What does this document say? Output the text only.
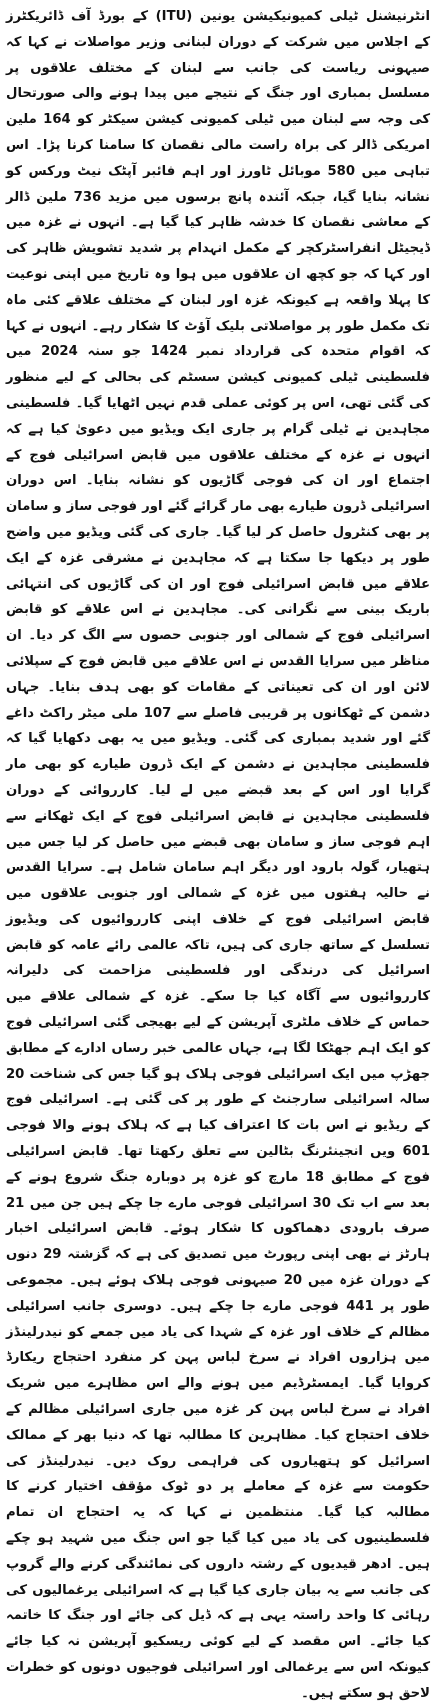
انٹرنیشنل ٹیلی کمیونیکیشن یونین (ITU) کے بورڈ آف ڈائریکٹرز کے اجلاس میں شرکت کے دوران لبنانی وزیر مواصلات نے کہا کہ صیہونی ریاست کی جانب سے لبنان کے مختلف علاقوں پر مسلسل بمباری اور جنگ کے نتیجے میں پیدا ہونے والی صورتحال کی وجہ سے لبنان میں ٹیلی کمیونی کیشن سیکٹر کو 164 ملین امریکی ڈالر کی براہ راست مالی نقصان کا سامنا کرنا پڑا۔ اس تباہی میں 580 موبائل ٹاورز اور اہم فائبر آپٹک نیٹ ورکس کو نشانہ بنایا گیا، جبکہ آئندہ پانچ برسوں میں مزید 736 ملین ڈالر کے معاشی نقصان کا خدشہ ظاہر کیا گیا ہے۔ انہوں نے غزہ میں ڈیجیٹل انفراسٹرکچر کے مکمل انہدام پر شدید تشویش ظاہر کی اور کہا کہ جو کچھ ان علاقوں میں ہوا وہ تاریخ میں اپنی نوعیت کا پہلا واقعہ ہے کیونکہ غزہ اور لبنان کے مختلف علاقے کئی ماہ تک مکمل طور پر مواصلاتی بلیک آؤٹ کا شکار رہے۔ انہوں نے کہا کہ اقوام متحدہ کی قرارداد نمبر 1424 جو سنہ 2024 میں فلسطینی ٹیلی کمیونی کیشن سسٹم کی بحالی کے لیے منظور کی گئی تھی، اس پر کوئی عملی قدم نہیں اٹھایا گیا۔ فلسطینی مجاہدین نے ٹیلی گرام پر جاری ایک ویڈیو میں دعویٰ کیا ہے کہ انہوں نے غزہ کے مختلف علاقوں میں قابض اسرائیلی فوج کے اجتماع اور ان کی فوجی گاڑیوں کو نشانہ بنایا۔ اس دوران اسرائیلی ڈرون طیارے بھی مار گرائے گئے اور فوجی ساز و سامان پر بھی کنٹرول حاصل کر لیا گیا۔ جاری کی گئی ویڈیو میں واضح طور پر دیکھا جا سکتا ہے کہ مجاہدین نے مشرقی غزہ کے ایک علاقے میں قابض اسرائیلی فوج اور ان کی گاڑیوں کی انتہائی باریک بینی سے نگرانی کی۔ مجاہدین نے اس علاقے کو قابض اسرائیلی فوج کے شمالی اور جنوبی حصوں سے الگ کر دیا۔ ان مناظر میں سرایا القدس نے اس علاقے میں قابض فوج کے سپلائی لائن اور ان کی تعیناتی کے مقامات کو بھی ہدف بنایا۔ جہاں دشمن کے ٹھکانوں پر قریبی فاصلے سے 107 ملی میٹر راکٹ داغے گئے اور شدید بمباری کی گئی۔ ویڈیو میں یہ بھی دکھایا گیا کہ فلسطینی مجاہدین نے دشمن کے ایک ڈرون طیارے کو بھی مار گرایا اور اس کے بعد قبضے میں لے لیا۔ کارروائی کے دوران فلسطینی مجاہدین نے قابض اسرائیلی فوج کے ایک ٹھکانے سے اہم فوجی ساز و سامان بھی قبضے میں حاصل کر لیا جس میں ہتھیار، گولہ بارود اور دیگر اہم سامان شامل ہے۔ سرایا القدس نے حالیہ ہفتوں میں غزہ کے شمالی اور جنوبی علاقوں میں قابض اسرائیلی فوج کے خلاف اپنی کارروائیوں کی ویڈیوز تسلسل کے ساتھ جاری کی ہیں، تاکہ عالمی رائے عامہ کو قابض اسرائیل کی درندگی اور فلسطینی مزاحمت کی دلیرانہ کارروائیوں سے آگاہ کیا جا سکے۔ غزہ کے شمالی علاقے میں حماس کے خلاف ملٹری آپریشن کے لیے بھیجی گئی اسرائیلی فوج کو ایک اہم جھٹکا لگا ہے، جہاں عالمی خبر رساں ادارے کے مطابق جھڑپ میں ایک اسرائیلی فوجی ہلاک ہو گیا جس کی شناخت 20 سالہ اسرائیلی سارجنٹ کے طور پر کی گئی ہے۔ اسرائیلی فوج کے ریڈیو نے اس بات کا اعتراف کیا ہے کہ ہلاک ہونے والا فوجی 601 ویں انجینئرنگ بٹالین سے تعلق رکھتا تھا۔ قابض اسرائیلی فوج کے مطابق 18 مارچ کو غزہ پر دوبارہ جنگ شروع ہونے کے بعد سے اب تک 30 اسرائیلی فوجی مارے جا چکے ہیں جن میں 21 صرف بارودی دھماکوں کا شکار ہوئے۔ قابض اسرائیلی اخبار ہارٹز نے بھی اپنی رپورٹ میں تصدیق کی ہے کہ گزشتہ 29 دنوں کے دوران غزہ میں 20 صیہونی فوجی ہلاک ہوئے ہیں۔ مجموعی طور پر 441 فوجی مارے جا چکے ہیں۔ دوسری جانب اسرائیلی مظالم کے خلاف اور غزہ کے شہدا کی یاد میں جمعے کو نیدرلینڈز میں ہزاروں افراد نے سرخ لباس پہن کر منفرد احتجاج ریکارڈ کروایا گیا۔ ایمسٹرڈیم میں ہونے والے اس مظاہرے میں شریک افراد نے سرخ لباس پہن کر غزہ میں جاری اسرائیلی مظالم کے خلاف احتجاج کیا۔ مظاہرین کا مطالبہ تھا کہ دنیا بھر کے ممالک اسرائیل کو ہتھیاروں کی فراہمی روک دیں۔ نیدرلینڈز کی حکومت سے غزہ کے معاملے پر دو ٹوک مؤقف اختیار کرنے کا مطالبہ کیا گیا۔ منتظمین نے کہا کہ یہ احتجاج ان تمام فلسطینیوں کی یاد میں کیا گیا جو اس جنگ میں شہید ہو چکے ہیں۔ ادھر قیدیوں کے رشتہ داروں کی نمائندگی کرنے والے گروپ کی جانب سے یہ بیان جاری کیا گیا ہے کہ اسرائیلی یرغمالیوں کی رہائی کا واحد راستہ یہی ہے کہ ڈیل کی جائے اور جنگ کا خاتمہ کیا جائے۔ اس مقصد کے لیے کوئی ریسکیو آپریشن نہ کیا جائے کیونکہ اس سے یرغمالی اور اسرائیلی فوجیوں دونوں کو خطرات لاحق ہو سکتے ہیں۔
